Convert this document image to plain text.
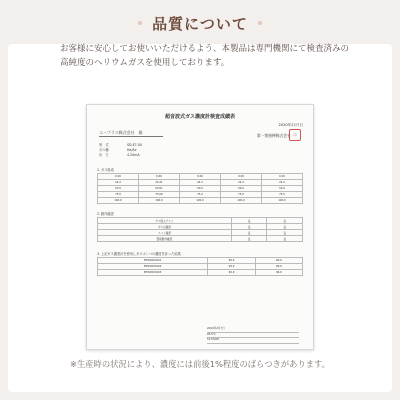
品質について
お客様に安心してお使いいただけるよう、本製品は専門機関にて検査済みの高純度のヘリウムガスを使用しております。
超音波式ガス濃度計検査成績表
2020年2月7日
ユープラス株式会社　殿
第一熔接棒株式会社 印
形　式	SD-E7-00
ガス種	He/Air
出　力	4-20mA
1. ガス組成
0.00	0.00	0.00	0.00	0.00
24.2	24.21	24.2	24.2	24.2
50.0	50.01	50.0	50.0	50.0
75.0	75.00	75.0	75.0	75.0
100.0	100.0	100.0	100.0	100.0
2. 動作確認
ガス吸入テスト	良	良
ゼロ点確認	良	良
スパン確認	良	良
警報動作確認	良	良
3. 上記ガス濃度計を使用しガスボンベの濃度を計った結果
BTW2000101	99.9	99.9
BTW2000102	99.9	99.9
BTW2000103	99.9	99.9
2020年2月7日
20.5℃
51.5%RH
※生産時の状況により、濃度には前後1%程度のばらつきがあります。
